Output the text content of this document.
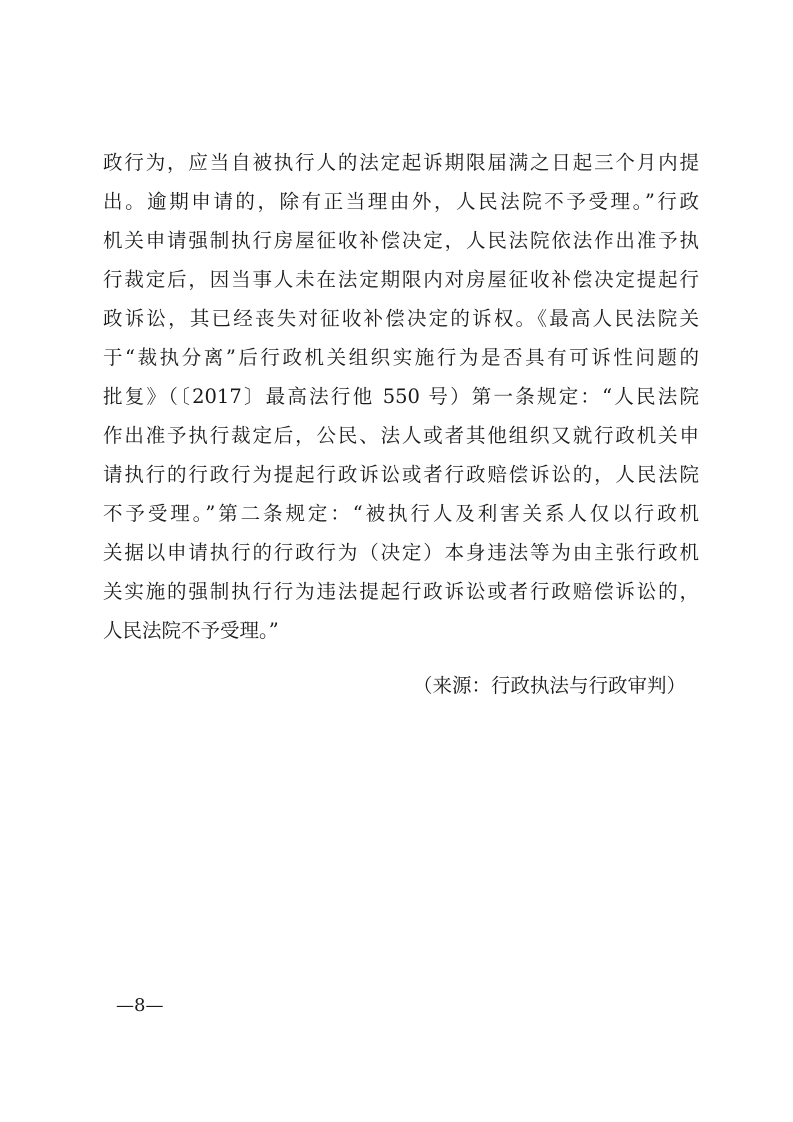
政行为，应当自被执行人的法定起诉期限届满之日起三个月内提
出。逾期申请的，除有正当理由外，人民法院不予受理。”行政
机关申请强制执行房屋征收补偿决定，人民法院依法作出准予执
行裁定后，因当事人未在法定期限内对房屋征收补偿决定提起行
政诉讼，其已经丧失对征收补偿决定的诉权。《最高人民法院关
于“裁执分离”后行政机关组织实施行为是否具有可诉性问题的
批复》（〔2017〕最高法行他 550 号）第一条规定：“人民法院
作出准予执行裁定后，公民、法人或者其他组织又就行政机关申
请执行的行政行为提起行政诉讼或者行政赔偿诉讼的，人民法院
不予受理。”第二条规定：“被执行人及利害关系人仅以行政机
关据以申请执行的行政行为（决定）本身违法等为由主张行政机
关实施的强制执行行为违法提起行政诉讼或者行政赔偿诉讼的，
人民法院不予受理。”
（来源：行政执法与行政审判）
—8—
